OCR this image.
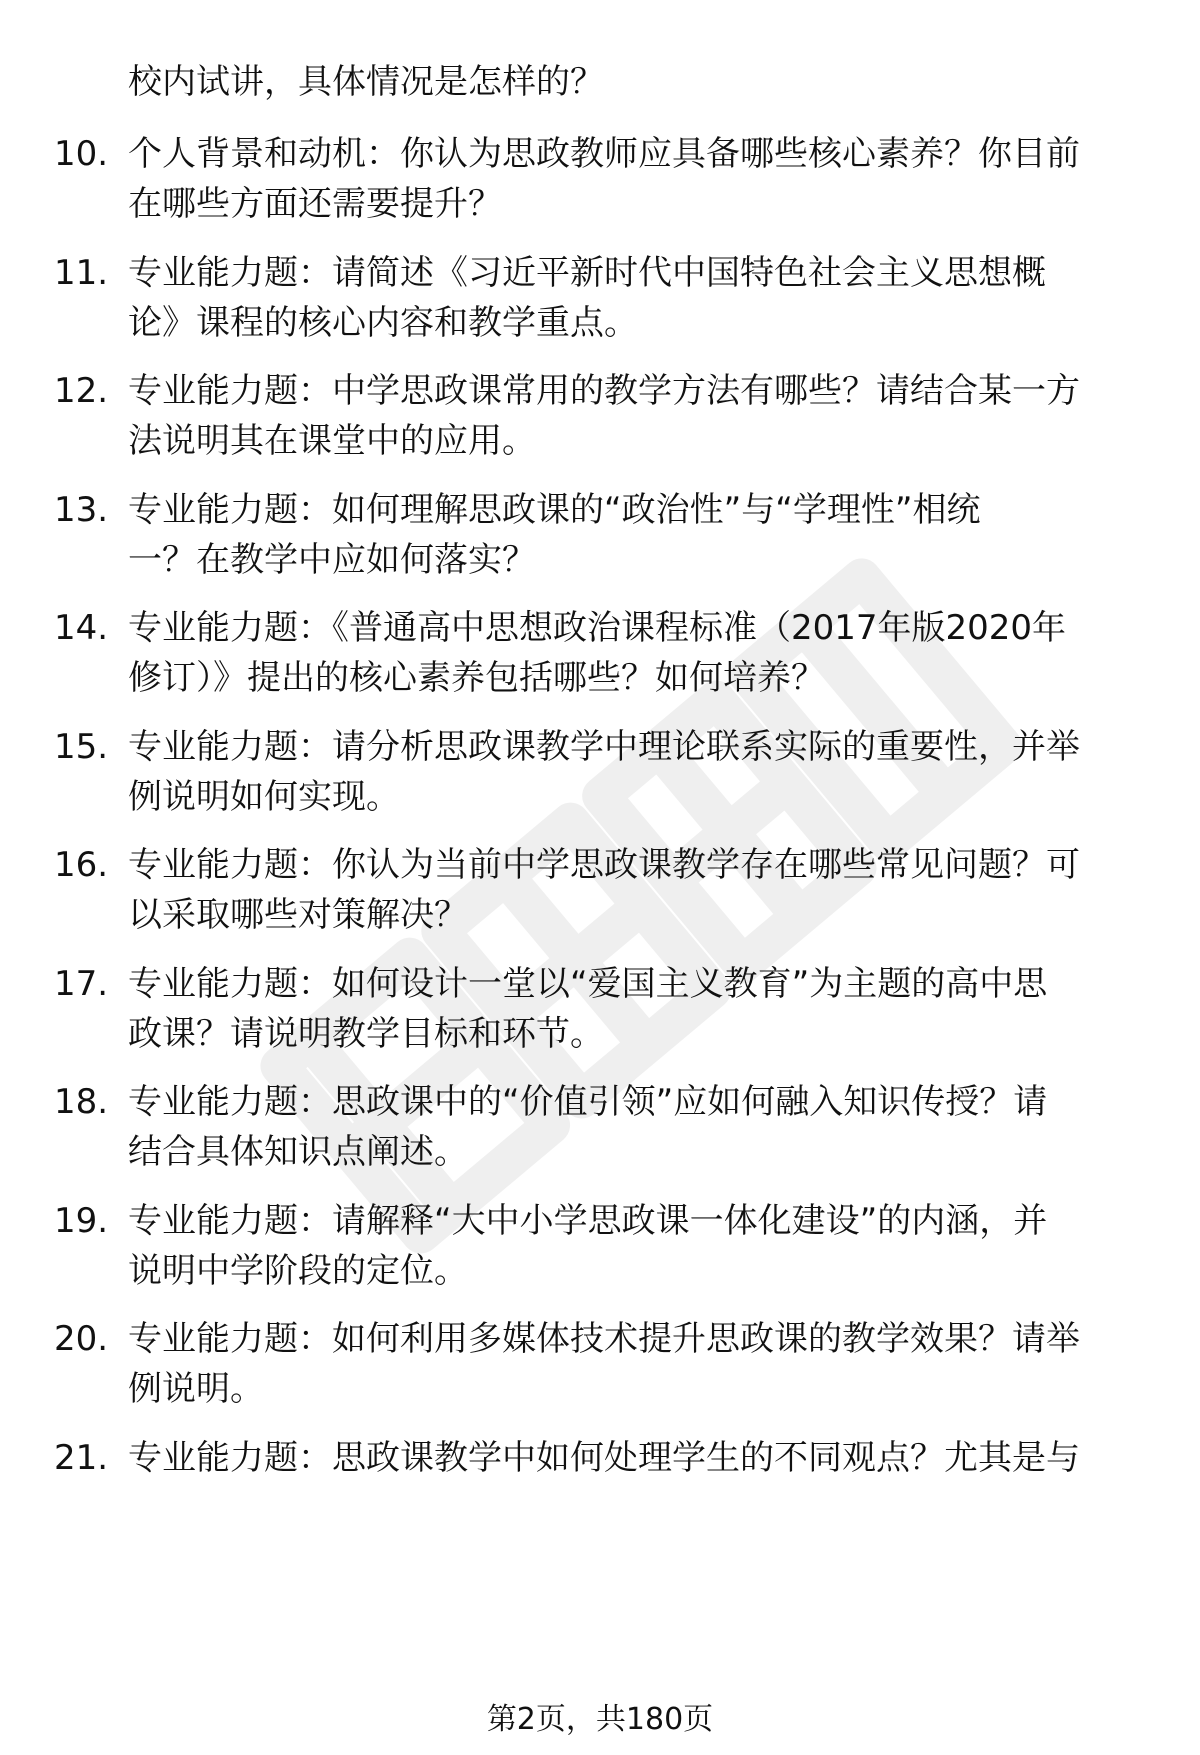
校内试讲，具体情况是怎样的？
10. 个人背景和动机：你认为思政教师应具备哪些核心素养？你目前
在哪些方面还需要提升？
11. 专业能力题：请简述《习近平新时代中国特色社会主义思想概
论》课程的核心内容和教学重点。
12. 专业能力题：中学思政课常用的教学方法有哪些？请结合某一方
法说明其在课堂中的应用。
13. 专业能力题：如何理解思政课的“政治性”与“学理性”相统
一？在教学中应如何落实？
14. 专业能力题：《普通高中思想政治课程标准（2017年版2020年
修订）》提出的核心素养包括哪些？如何培养？
15. 专业能力题：请分析思政课教学中理论联系实际的重要性，并举
例说明如何实现。
16. 专业能力题：你认为当前中学思政课教学存在哪些常见问题？可
以采取哪些对策解决？
17. 专业能力题：如何设计一堂以“爱国主义教育”为主题的高中思
政课？请说明教学目标和环节。
18. 专业能力题：思政课中的“价值引领”应如何融入知识传授？请
结合具体知识点阐述。
19. 专业能力题：请解释“大中小学思政课一体化建设”的内涵，并
说明中学阶段的定位。
20. 专业能力题：如何利用多媒体技术提升思政课的教学效果？请举
例说明。
21. 专业能力题：思政课教学中如何处理学生的不同观点？尤其是与
第2页，共180页
